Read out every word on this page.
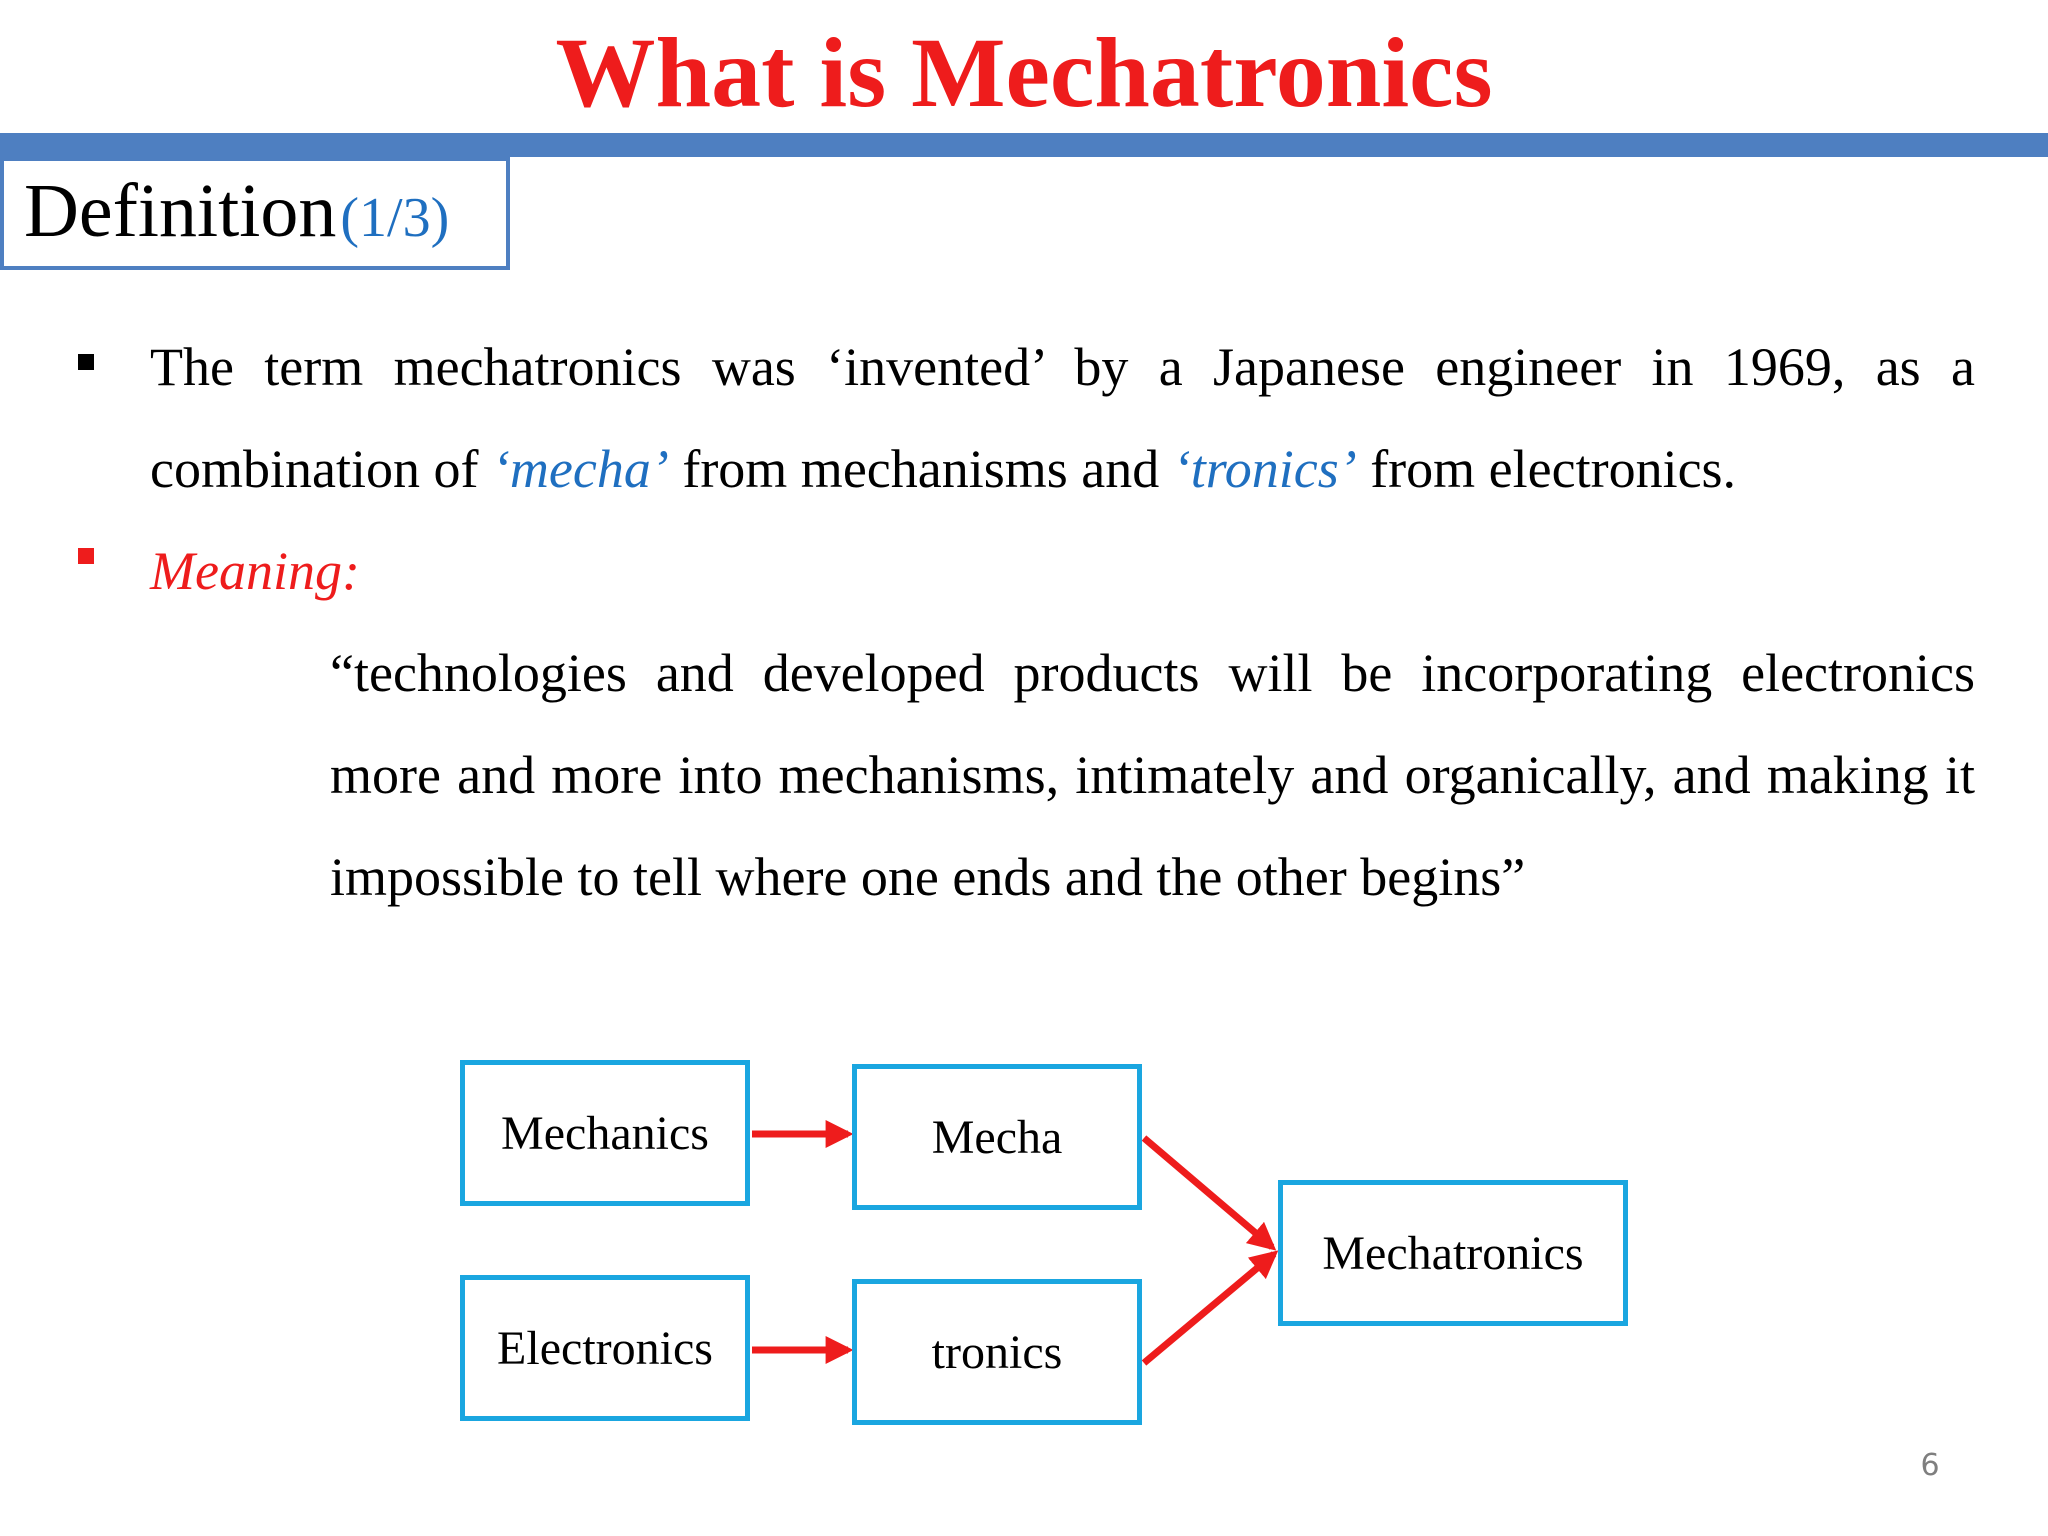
What is Mechatronics
Definition (1/3)

The term mechatronics was ‘invented’ by a Japanese engineer in 1969, as a combination of ‘mecha’ from mechanisms and ‘tronics’ from electronics.

Meaning:

“technologies and developed products will be incorporating electronics more and more into mechanisms, intimately and organically, and making it impossible to tell where one ends and the other begins”

Mechanics
Electronics
Mecha
tronics
Mechatronics
6
